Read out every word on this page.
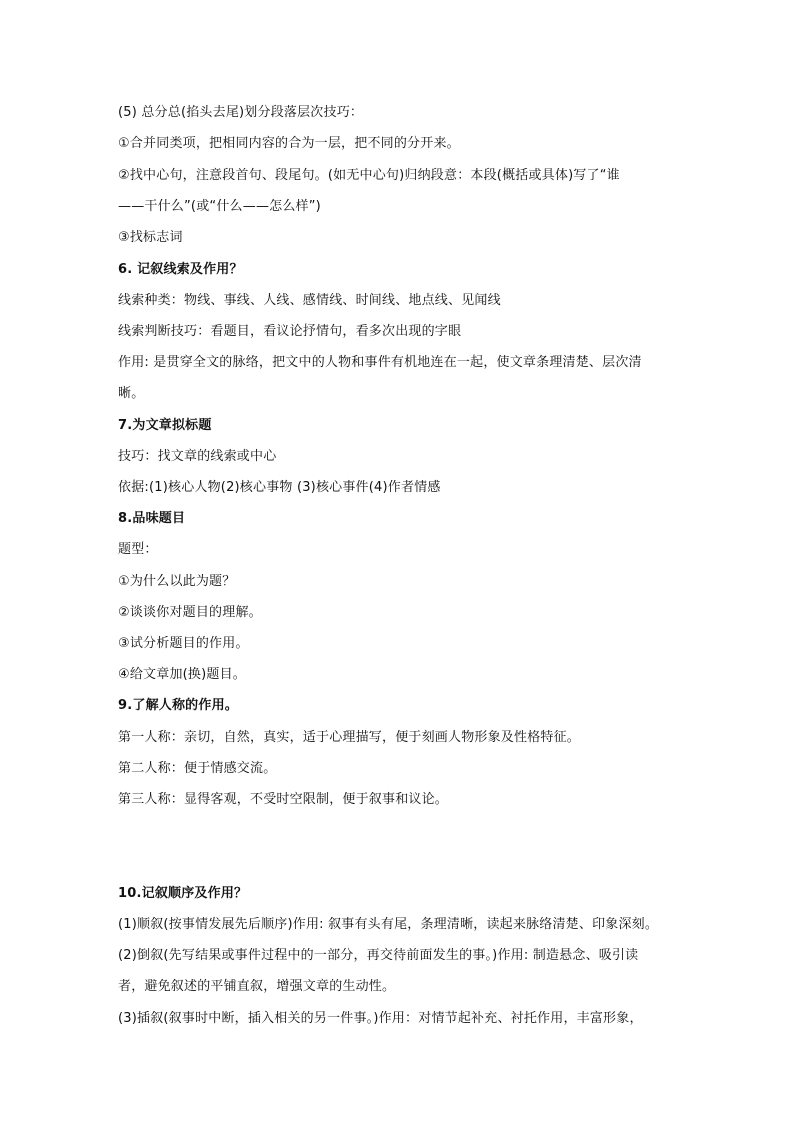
(5) 总分总(掐头去尾)划分段落层次技巧：

①合并同类项，把相同内容的合为一层，把不同的分开来。

②找中心句，注意段首句、段尾句。(如无中心句)归纳段意：本段(概括或具体)写了“谁

——干什么”(或“什么——怎么样”)

③找标志词

6. 记叙线索及作用？

线索种类：物线、事线、人线、感情线、时间线、地点线、见闻线

线索判断技巧：看题目，看议论抒情句，看多次出现的字眼

作用: 是贯穿全文的脉络，把文中的人物和事件有机地连在一起，使文章条理清楚、层次清

晰。

7.为文章拟标题

技巧：找文章的线索或中心

依据:(1)核心人物(2)核心事物 (3)核心事件(4)作者情感

8.品味题目

题型：

①为什么以此为题？

②谈谈你对题目的理解。

③试分析题目的作用。

④给文章加(换)题目。

9.了解人称的作用。

第一人称：亲切，自然，真实，适于心理描写，便于刻画人物形象及性格特征。

第二人称：便于情感交流。

第三人称：显得客观，不受时空限制，便于叙事和议论。

10.记叙顺序及作用？

(1)顺叙(按事情发展先后顺序)作用: 叙事有头有尾，条理清晰，读起来脉络清楚、印象深刻。

(2)倒叙(先写结果或事件过程中的一部分，再交待前面发生的事。)作用: 制造悬念、吸引读

者，避免叙述的平铺直叙，增强文章的生动性。

(3)插叙(叙事时中断，插入相关的另一件事。)作用：对情节起补充、衬托作用，丰富形象，
